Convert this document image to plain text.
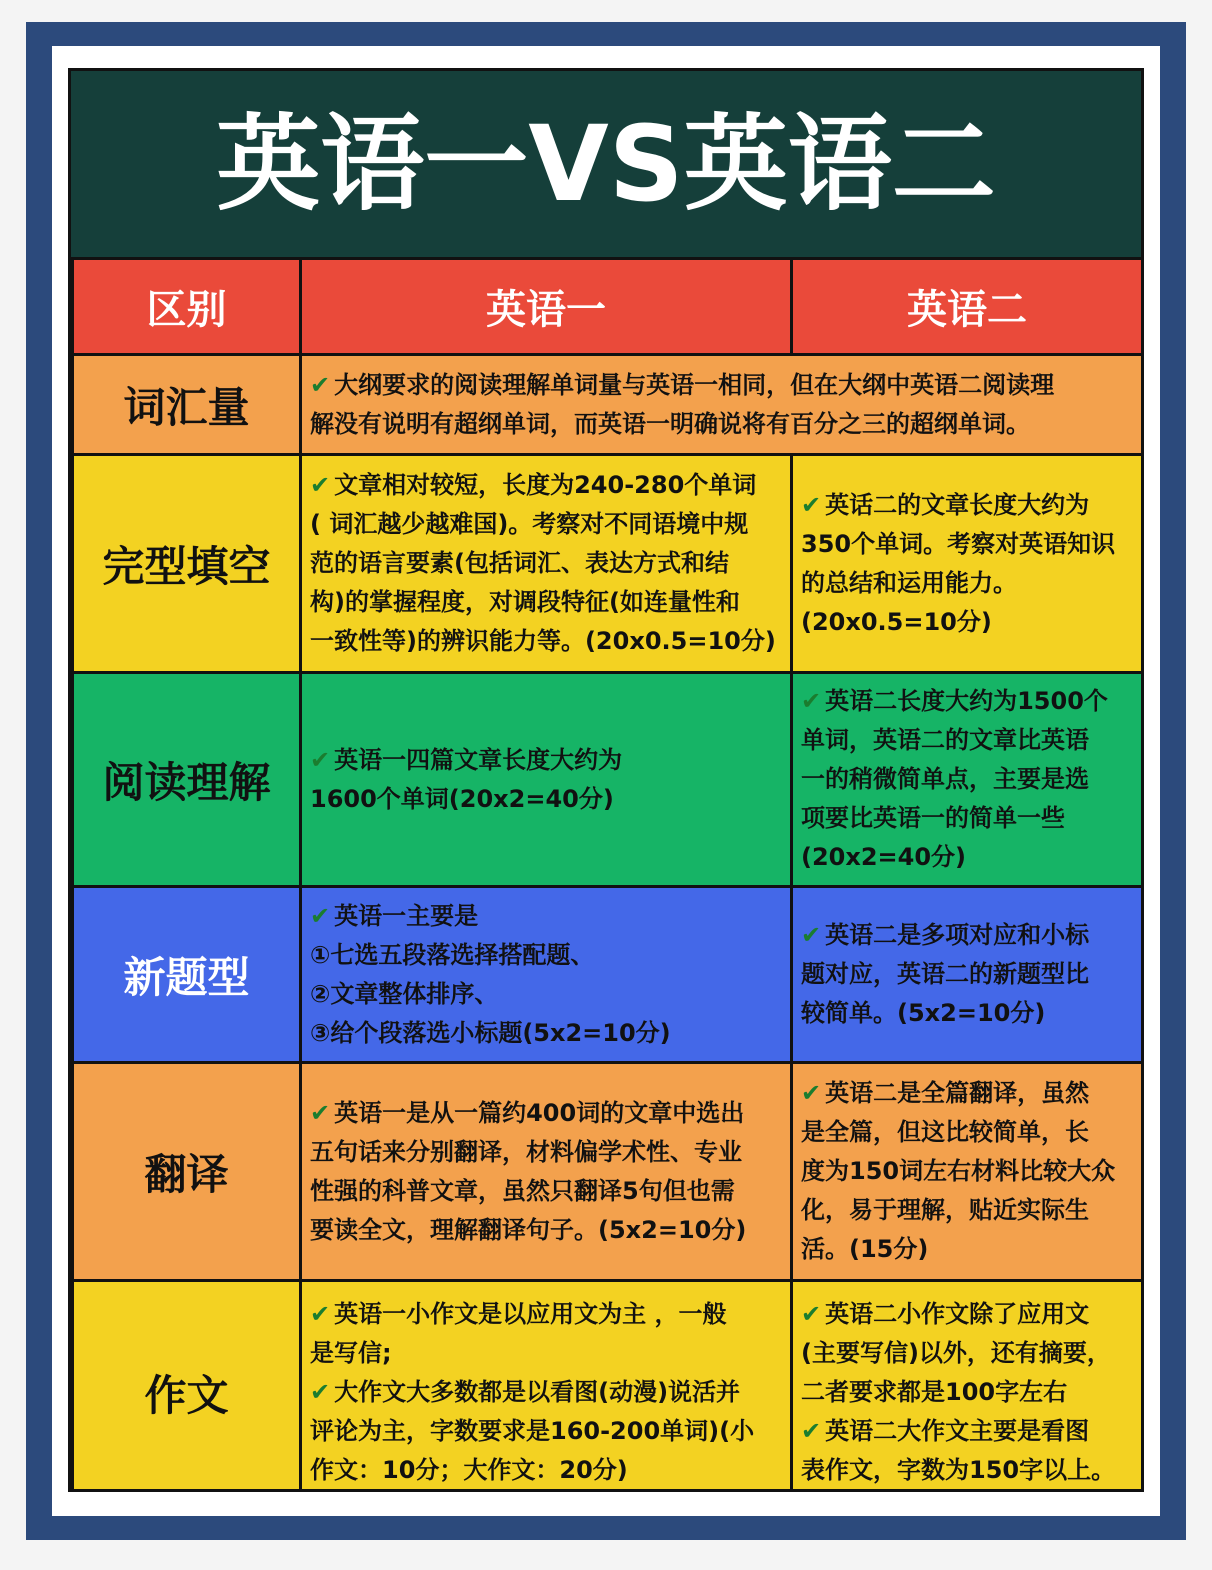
英语一VS英语二
区别	英语一	英语二
词汇量	✔ 大纲要求的阅读理解单词量与英语一相同，但在大纲中英语二阅读理
解没有说明有超纲单词，而英语一明确说将有百分之三的超纲单词。	

完型填空	✔ 文章相对较短，长度为240-280个单词
( 词汇越少越难国)。考察对不同语境中规
范的语言要素(包括词汇、表达方式和结
构)的掌握程度，对调段特征(如连量性和
一致性等)的辨识能力等。(20x0.5=10分)	✔ 英话二的文章长度大约为
350个单词。考察对英语知识
的总结和运用能力。
(20x0.5=10分)

阅读理解	✔ 英语一四篇文章长度大约为
1600个单词(20x2=40分)	✔ 英语二长度大约为1500个
单词，英语二的文章比英语
一的稍微简单点，主要是选
项要比英语一的简单一些
(20x2=40分)

新题型	✔ 英语一主要是
①七选五段落选择搭配题、
②文章整体排序、
③给个段落选小标题(5x2=10分)	✔ 英语二是多项对应和小标
题对应，英语二的新题型比
较简单。(5x2=10分)

翻译	✔ 英语一是从一篇约400词的文章中选出
五句话来分别翻译，材料偏学术性、专业
性强的科普文章，虽然只翻译5句但也需
要读全文，理解翻译句子。(5x2=10分)	✔ 英语二是全篇翻译，虽然
是全篇，但这比较简单，长
度为150词左右材料比较大众
化，易于理解，贴近实际生
活。(15分)

作文	✔ 英语一小作文是以应用文为主 ，一般
是写信;
✔ 大作文大多数都是以看图(动漫)说活并
评论为主，字数要求是160-200单词)(小
作文：10分；大作文：20分)	✔ 英语二小作文除了应用文
(主要写信)以外，还有摘要，
二者要求都是100字左右
✔ 英语二大作文主要是看图
表作文，字数为150字以上。
